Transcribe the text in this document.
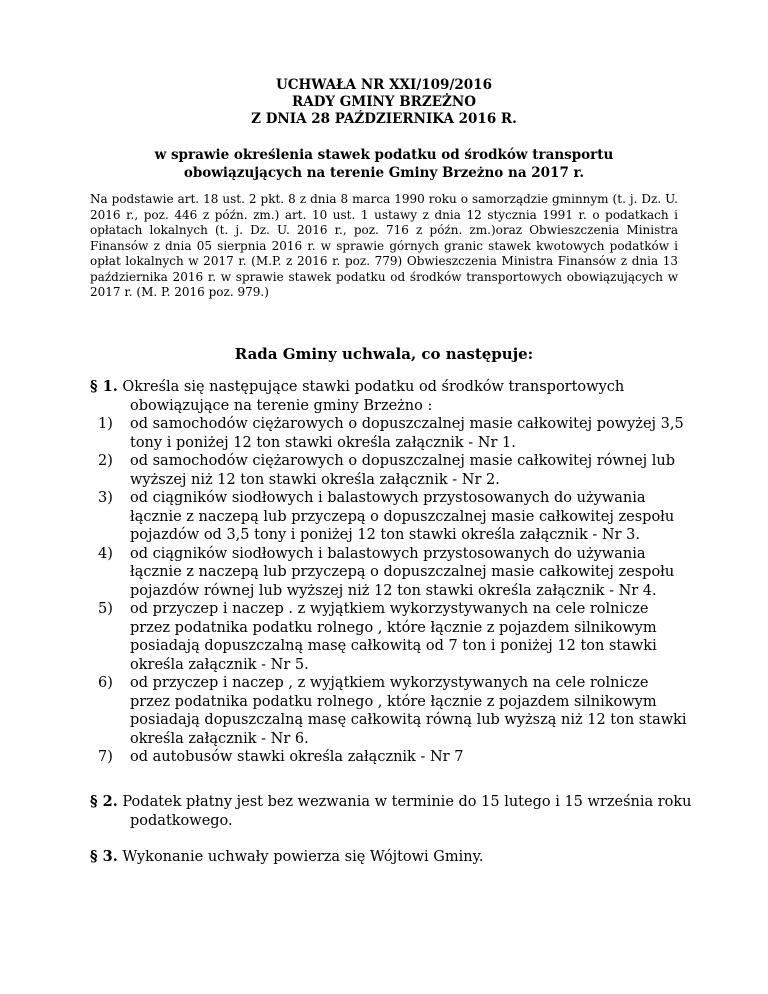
UCHWAŁA NR XXI/109/2016
RADY GMINY BRZEŻNO
Z DNIA 28 PAŹDZIERNIKA 2016 R.
w sprawie określenia stawek podatku od środków transportu
obowiązujących na terenie Gminy Brzeżno na 2017 r.
Na podstawie art. 18 ust. 2 pkt. 8 z dnia 8 marca 1990 roku o samorządzie gminnym (t. j. Dz. U. 2016 r., poz. 446 z późn. zm.) art. 10 ust. 1 ustawy z dnia 12 stycznia 1991 r. o podatkach i opłatach lokalnych (t. j. Dz. U. 2016 r., poz. 716 z późn. zm.)oraz Obwieszczenia Ministra Finansów z dnia 05 sierpnia 2016 r. w sprawie górnych granic stawek kwotowych podatków i opłat lokalnych w 2017 r. (M.P. z 2016 r. poz. 779) Obwieszczenia Ministra Finansów z dnia 13 października 2016 r. w sprawie stawek podatku od środków transportowych obowiązujących w 2017 r. (M. P. 2016 poz. 979.)
Rada Gminy uchwala, co następuje:
§ 1. Określa się następujące stawki podatku od środków transportowych obowiązujące na terenie gminy Brzeżno :
1) od samochodów ciężarowych o dopuszczalnej masie całkowitej powyżej 3,5 tony i poniżej 12 ton stawki określa załącznik - Nr 1.
2) od samochodów ciężarowych o dopuszczalnej masie całkowitej równej lub wyższej niż 12 ton stawki określa załącznik - Nr 2.
3) od ciągników siodłowych i balastowych przystosowanych do używania łącznie z naczepą lub przyczepą o dopuszczalnej masie całkowitej zespołu pojazdów od 3,5 tony i poniżej 12 ton stawki określa załącznik - Nr 3.
4) od ciągników siodłowych i balastowych przystosowanych do używania łącznie z naczepą lub przyczepą o dopuszczalnej masie całkowitej zespołu pojazdów równej lub wyższej niż 12 ton stawki określa załącznik - Nr 4.
5) od przyczep i naczep . z wyjątkiem wykorzystywanych na cele rolnicze przez podatnika podatku rolnego , które łącznie z pojazdem silnikowym posiadają dopuszczalną masę całkowitą od 7 ton i poniżej 12 ton stawki określa załącznik - Nr 5.
6) od przyczep i naczep , z wyjątkiem wykorzystywanych na cele rolnicze przez podatnika podatku rolnego , które łącznie z pojazdem silnikowym posiadają dopuszczalną masę całkowitą równą lub wyższą niż 12 ton stawki określa załącznik - Nr 6.
7) od autobusów stawki określa załącznik - Nr 7
§ 2. Podatek płatny jest bez wezwania w terminie do 15 lutego i 15 września roku podatkowego.
§ 3. Wykonanie uchwały powierza się Wójtowi Gminy.
